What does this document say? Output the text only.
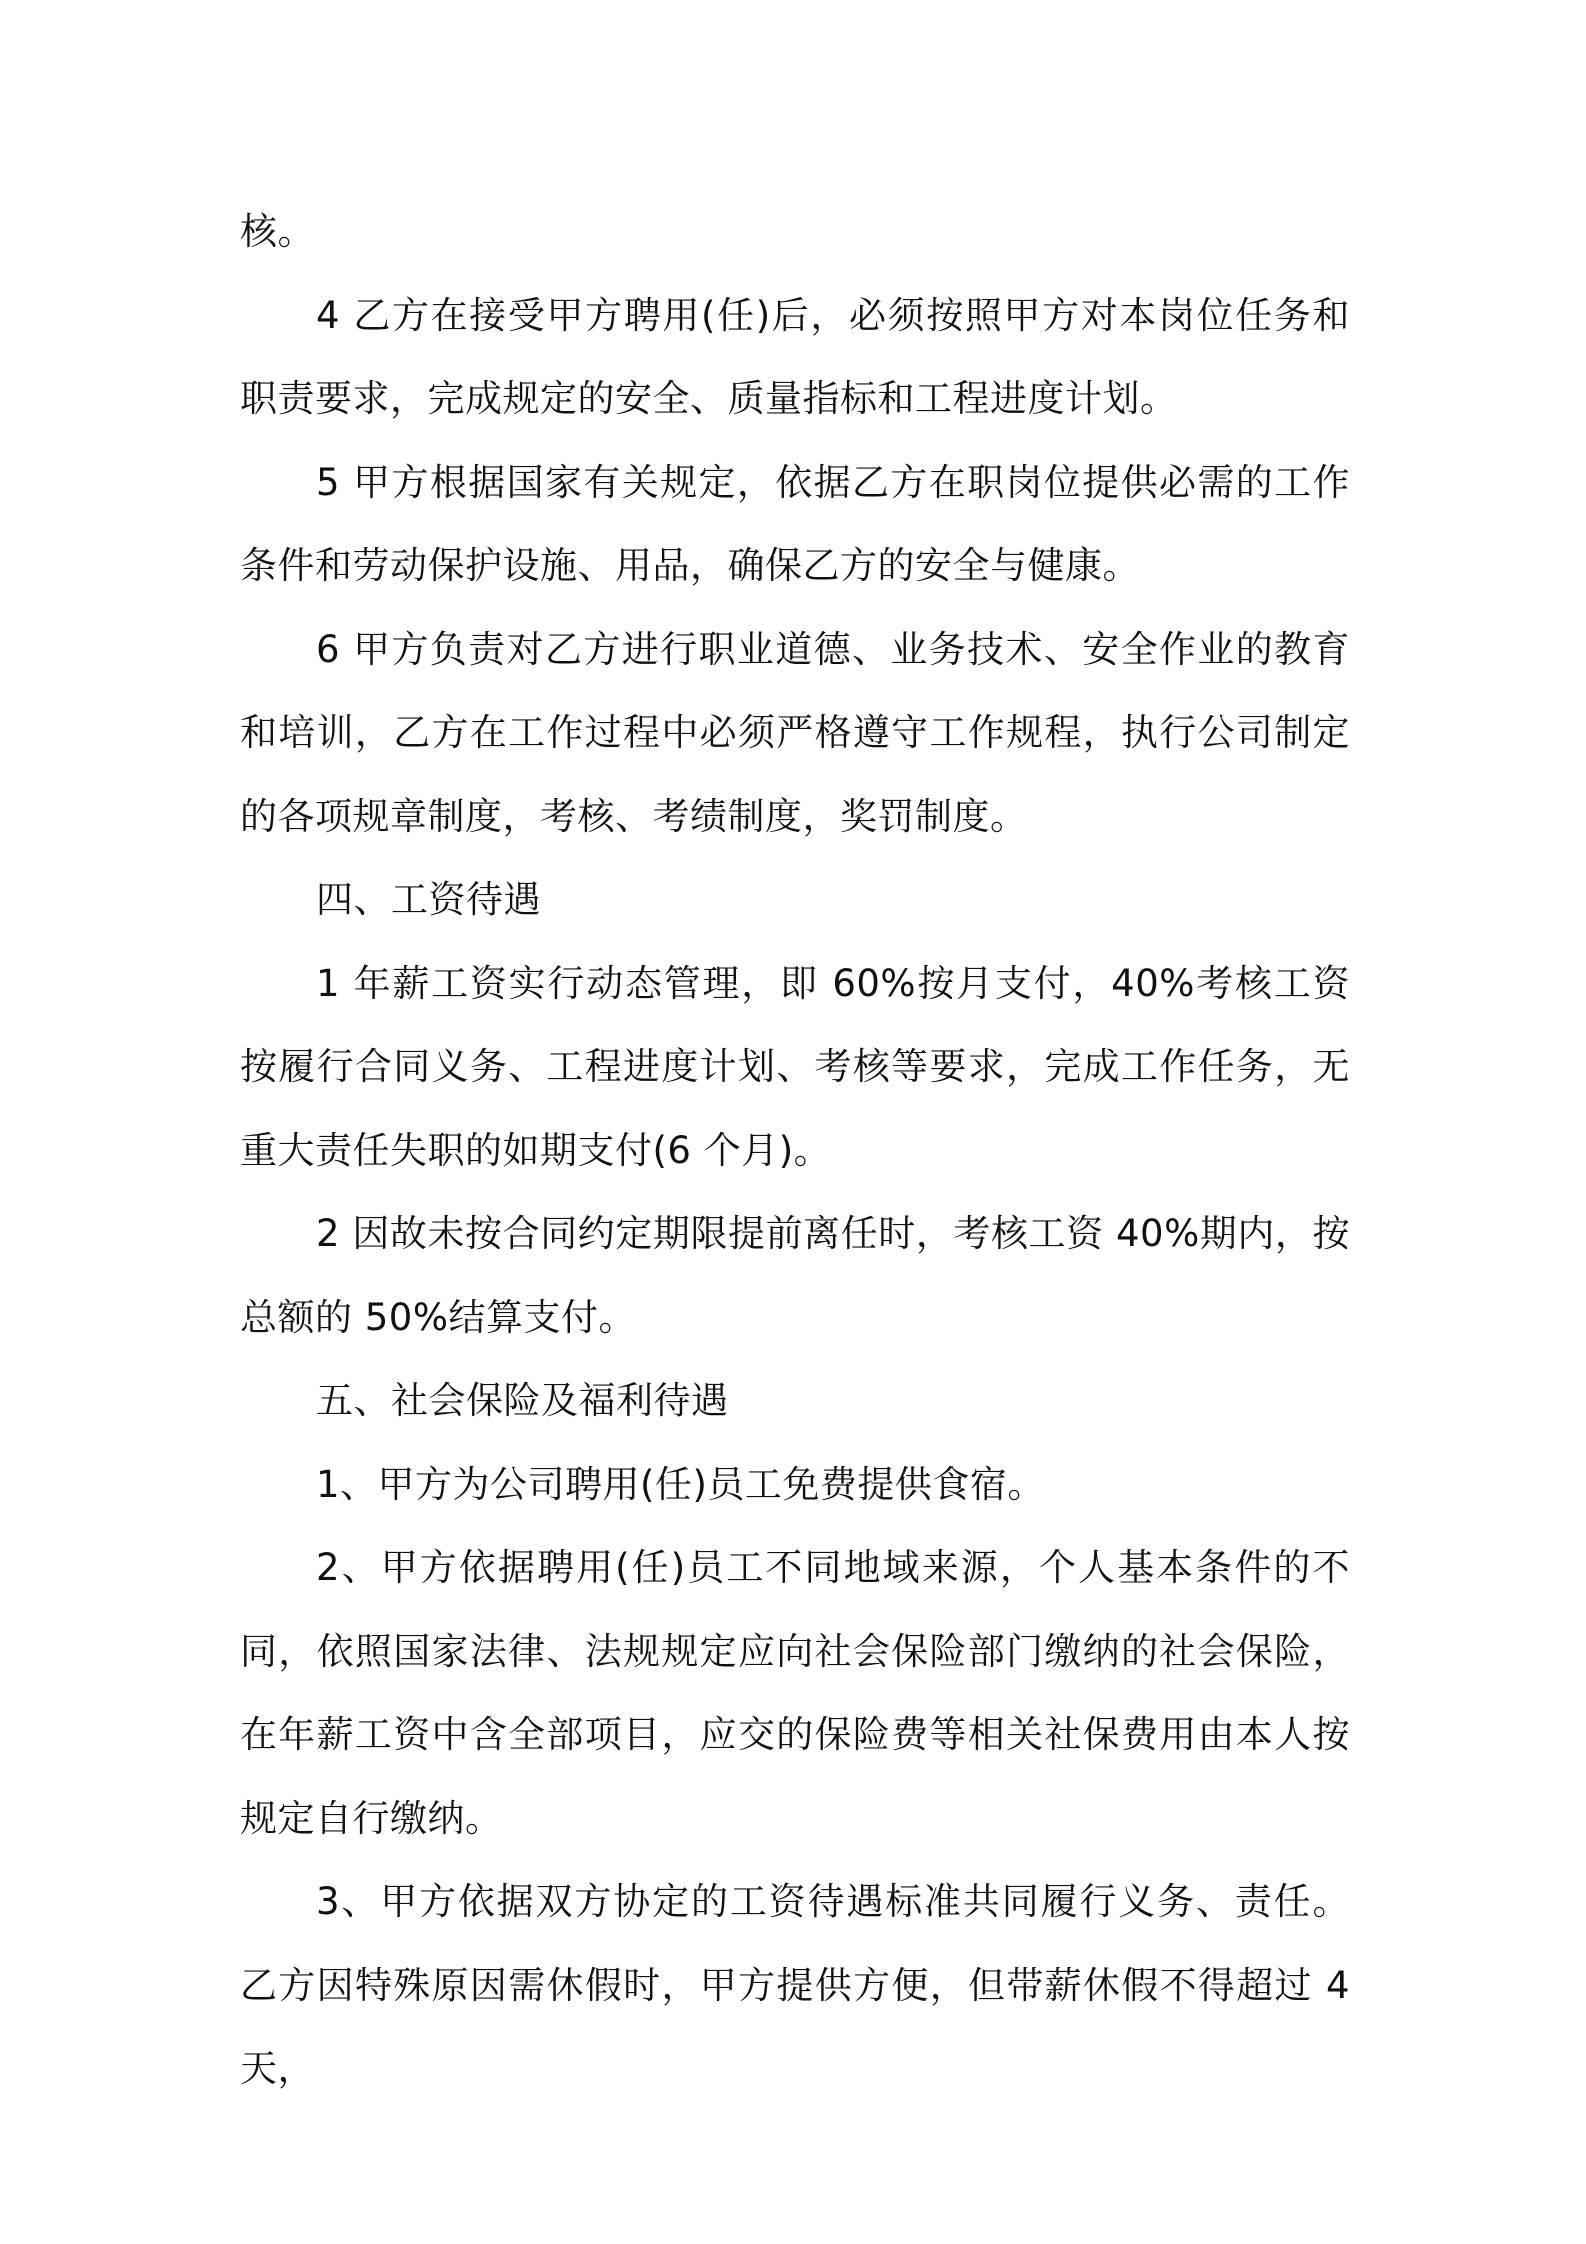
核。

4 乙方在接受甲方聘用(任)后，必须按照甲方对本岗位任务和职责要求，完成规定的安全、质量指标和工程进度计划。

5 甲方根据国家有关规定，依据乙方在职岗位提供必需的工作条件和劳动保护设施、用品，确保乙方的安全与健康。

6 甲方负责对乙方进行职业道德、业务技术、安全作业的教育和培训，乙方在工作过程中必须严格遵守工作规程，执行公司制定的各项规章制度，考核、考绩制度，奖罚制度。

四、工资待遇

1 年薪工资实行动态管理，即 60%按月支付，40%考核工资按履行合同义务、工程进度计划、考核等要求，完成工作任务，无重大责任失职的如期支付(6 个月)。

2 因故未按合同约定期限提前离任时，考核工资 40%期内，按总额的 50%结算支付。

五、社会保险及福利待遇

1、甲方为公司聘用(任)员工免费提供食宿。

2、甲方依据聘用(任)员工不同地域来源，个人基本条件的不同，依照国家法律、法规规定应向社会保险部门缴纳的社会保险，在年薪工资中含全部项目，应交的保险费等相关社保费用由本人按规定自行缴纳。

3、甲方依据双方协定的工资待遇标准共同履行义务、责任。乙方因特殊原因需休假时，甲方提供方便，但带薪休假不得超过 4 天，
